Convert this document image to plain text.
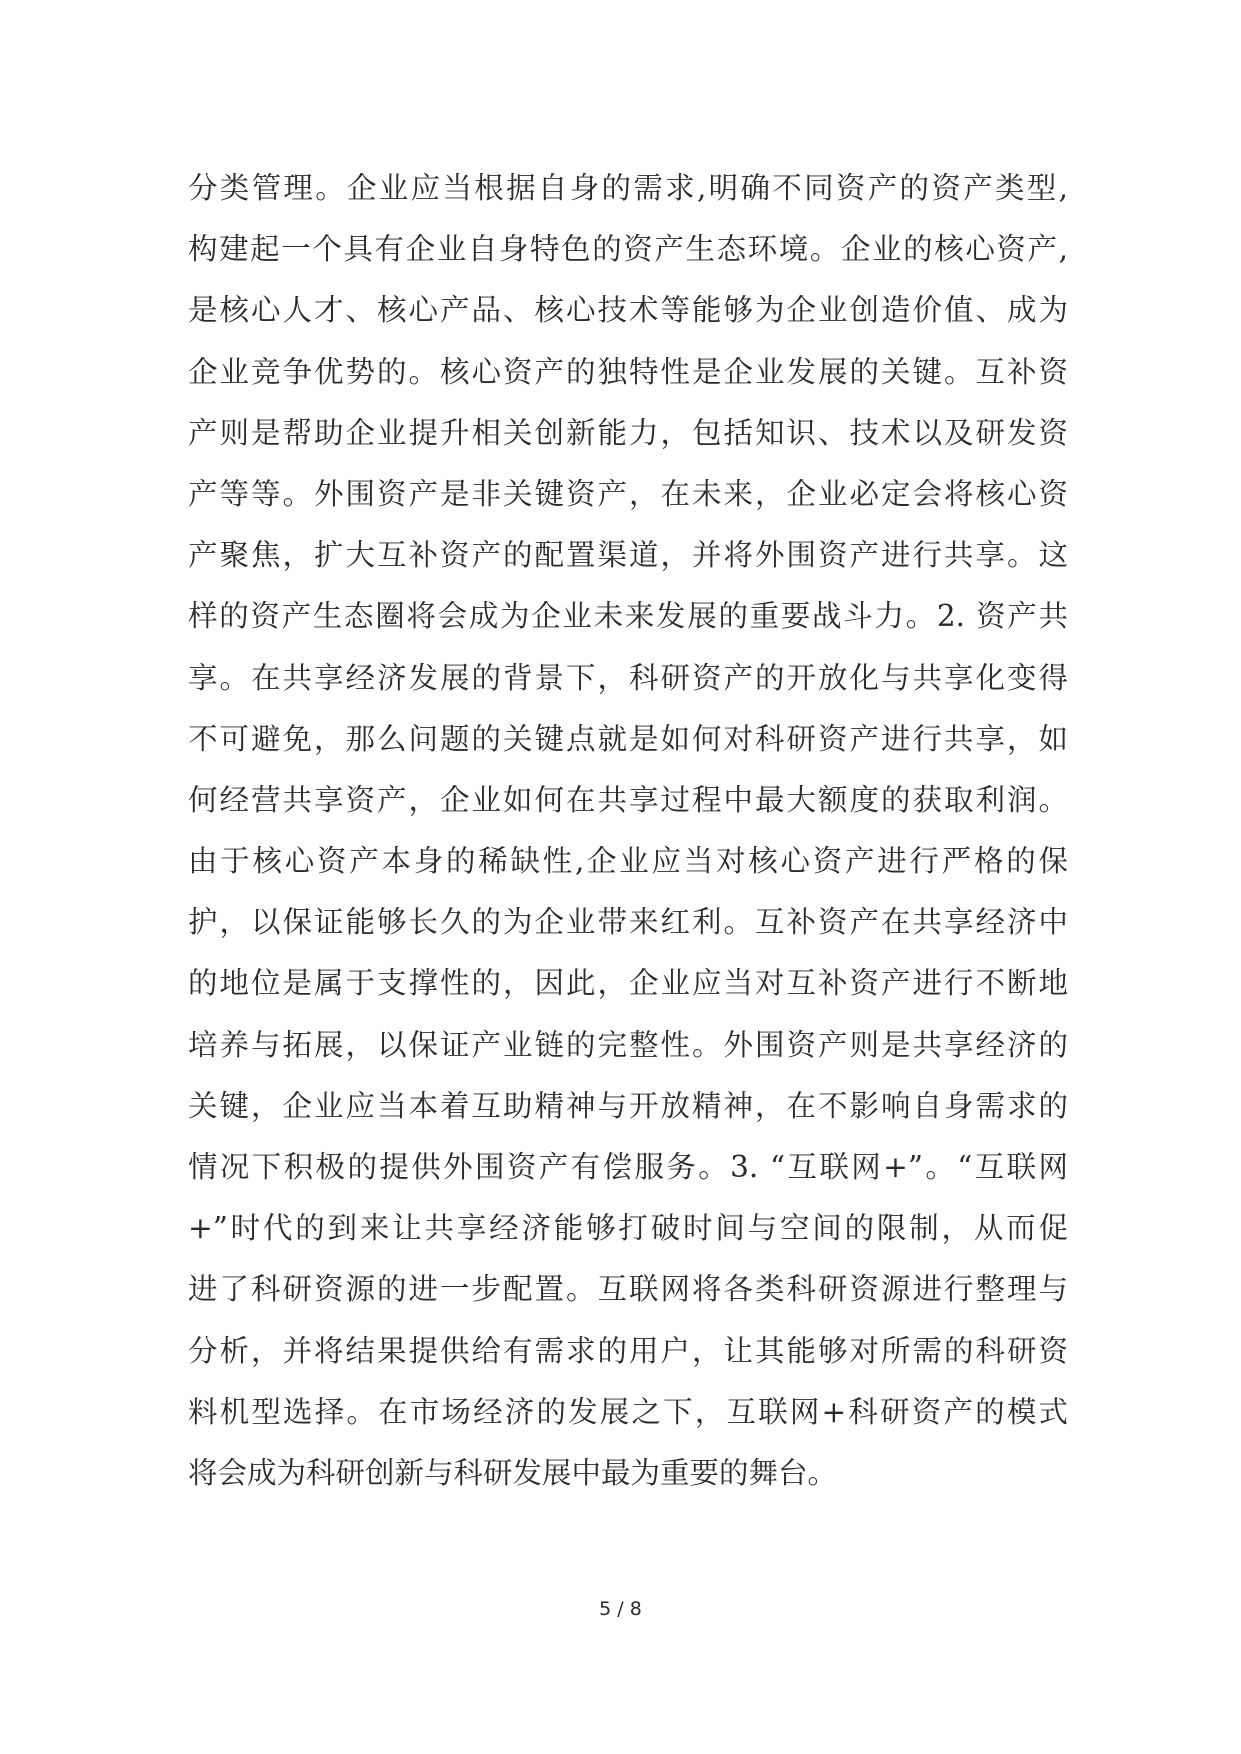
分类管理。企业应当根据自身的需求,明确不同资产的资产类型,
构建起一个具有企业自身特色的资产生态环境。企业的核心资产,
是核心人才、核心产品、核心技术等能够为企业创造价值、成为
企业竞争优势的。核心资产的独特性是企业发展的关键。互补资
产则是帮助企业提升相关创新能力，包括知识、技术以及研发资
产等等。外围资产是非关键资产，在未来，企业必定会将核心资
产聚焦，扩大互补资产的配置渠道，并将外围资产进行共享。这
样的资产生态圈将会成为企业未来发展的重要战斗力。2. 资产共
享。在共享经济发展的背景下，科研资产的开放化与共享化变得
不可避免，那么问题的关键点就是如何对科研资产进行共享，如
何经营共享资产，企业如何在共享过程中最大额度的获取利润。
由于核心资产本身的稀缺性,企业应当对核心资产进行严格的保
护，以保证能够长久的为企业带来红利。互补资产在共享经济中
的地位是属于支撑性的，因此，企业应当对互补资产进行不断地
培养与拓展，以保证产业链的完整性。外围资产则是共享经济的
关键，企业应当本着互助精神与开放精神，在不影响自身需求的
情况下积极的提供外围资产有偿服务。3. “互联网+”。“互联网
+”时代的到来让共享经济能够打破时间与空间的限制，从而促
进了科研资源的进一步配置。互联网将各类科研资源进行整理与
分析，并将结果提供给有需求的用户，让其能够对所需的科研资
料机型选择。在市场经济的发展之下，互联网+科研资产的模式
将会成为科研创新与科研发展中最为重要的舞台。
5 / 8
